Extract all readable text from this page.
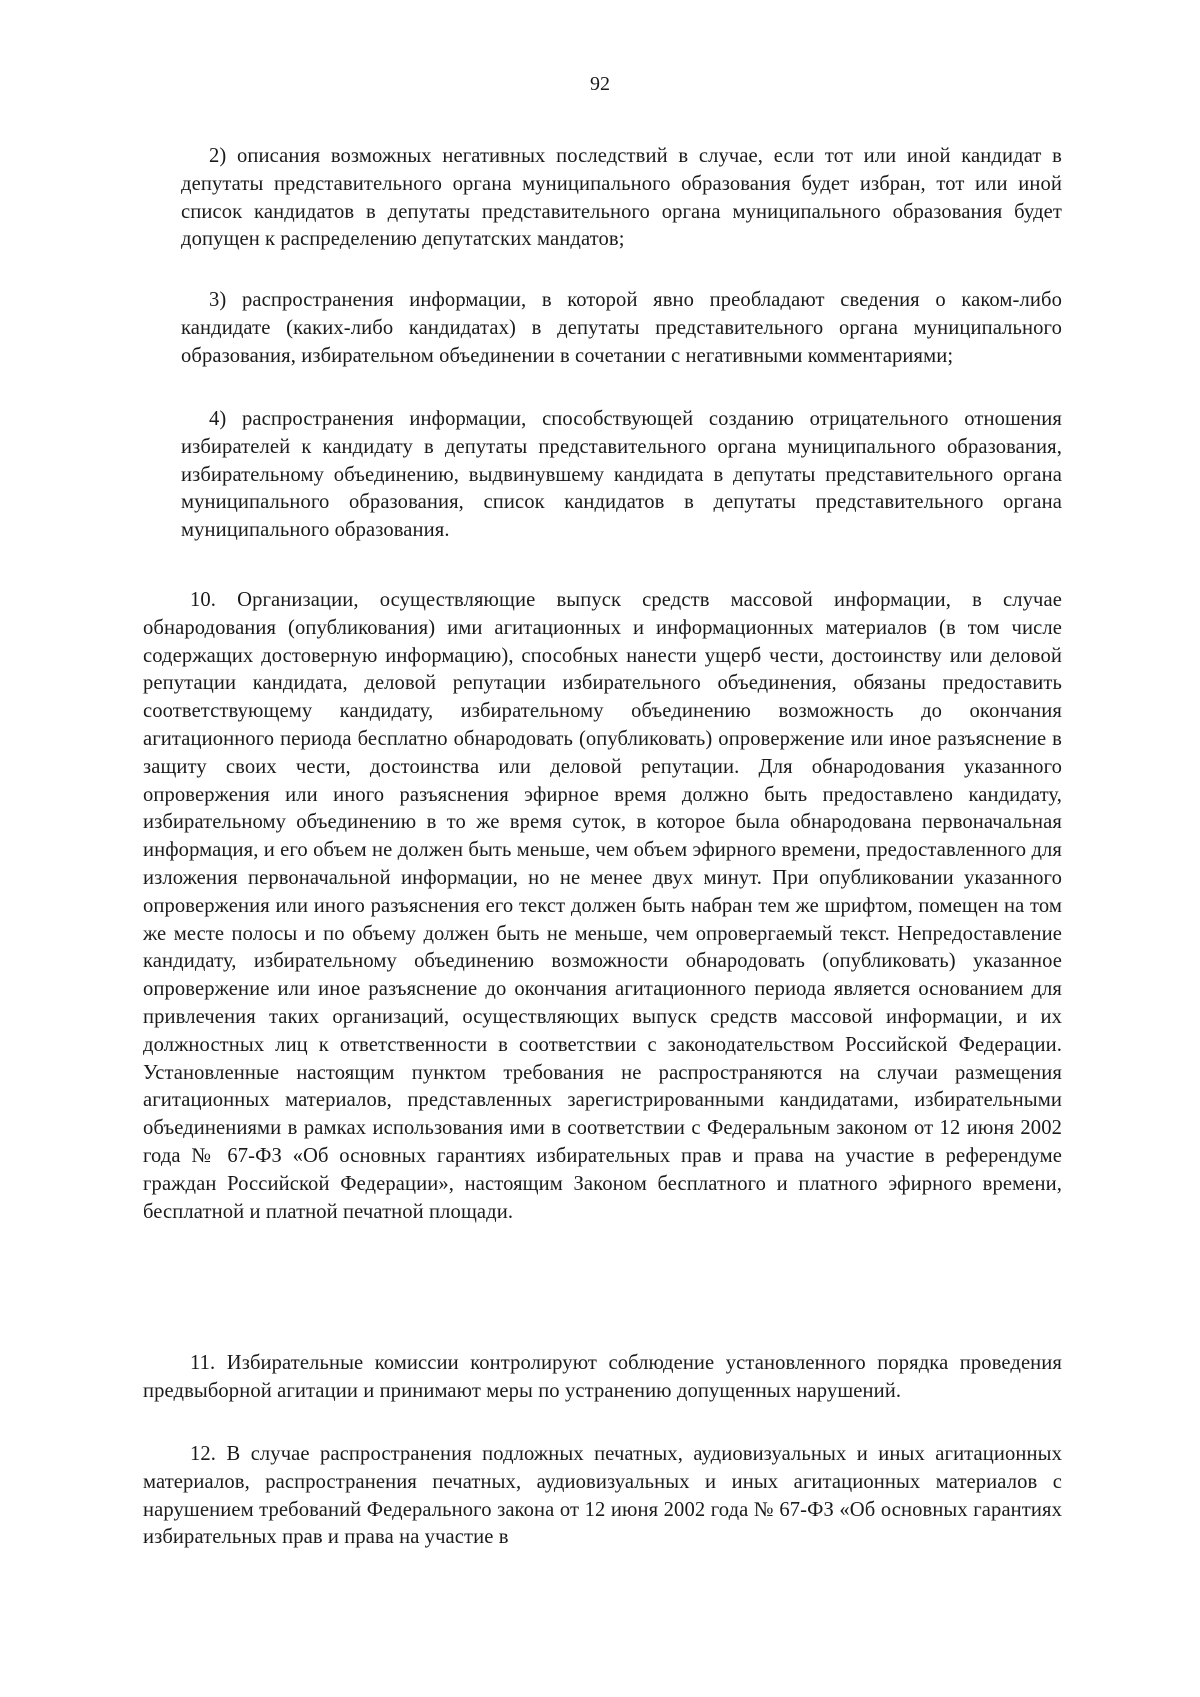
92

2) описания возможных негативных последствий в случае, если тот или иной кандидат в депутаты представительного органа муниципального образования будет избран, тот или иной список кандидатов в депутаты представительного органа муниципального образования будет допущен к распределению депутатских мандатов;

3) распространения информации, в которой явно преобладают сведения о каком-либо кандидате (каких-либо кандидатах) в депутаты представительного органа муниципального образования, избирательном объединении в сочетании с негативными комментариями;

4) распространения информации, способствующей созданию отрицательного отношения избирателей к кандидату в депутаты представительного органа муниципального образования, избирательному объединению, выдвинувшему кандидата в депутаты представительного органа муниципального образования, список кандидатов в депутаты представительного органа муниципального образования.

10. Организации, осуществляющие выпуск средств массовой информации, в случае обнародования (опубликования) ими агитационных и информационных материалов (в том числе содержащих достоверную информацию), способных нанести ущерб чести, достоинству или деловой репутации кандидата, деловой репутации избирательного объединения, обязаны предоставить соответствующему кандидату, избирательному объединению возможность до окончания агитационного периода бесплатно обнародовать (опубликовать) опровержение или иное разъяснение в защиту своих чести, достоинства или деловой репутации. Для обнародования указанного опровержения или иного разъяснения эфирное время должно быть предоставлено кандидату, избирательному объединению в то же время суток, в которое была обнародована первоначальная информация, и его объем не должен быть меньше, чем объем эфирного времени, предоставленного для изложения первоначальной информации, но не менее двух минут. При опубликовании указанного опровержения или иного разъяснения его текст должен быть набран тем же шрифтом, помещен на том же месте полосы и по объему должен быть не меньше, чем опровергаемый текст. Непредоставление кандидату, избирательному объединению возможности обнародовать (опубликовать) указанное опровержение или иное разъяснение до окончания агитационного периода является основанием для привлечения таких организаций, осуществляющих выпуск средств массовой информации, и их должностных лиц к ответственности в соответствии с законодательством Российской Федерации. Установленные настоящим пунктом требования не распространяются на случаи размещения агитационных материалов, представленных зарегистрированными кандидатами, избирательными объединениями в рамках использования ими в соответствии с Федеральным законом от 12 июня 2002 года № 67-ФЗ «Об основных гарантиях избирательных прав и права на участие в референдуме граждан Российской Федерации», настоящим Законом бесплатного и платного эфирного времени, бесплатной и платной печатной площади.

11. Избирательные комиссии контролируют соблюдение установленного порядка проведения предвыборной агитации и принимают меры по устранению допущенных нарушений.

12. В случае распространения подложных печатных, аудиовизуальных и иных агитационных материалов, распространения печатных, аудиовизуальных и иных агитационных материалов с нарушением требований Федерального закона от 12 июня 2002 года № 67-ФЗ «Об основных гарантиях избирательных прав и права на участие в
